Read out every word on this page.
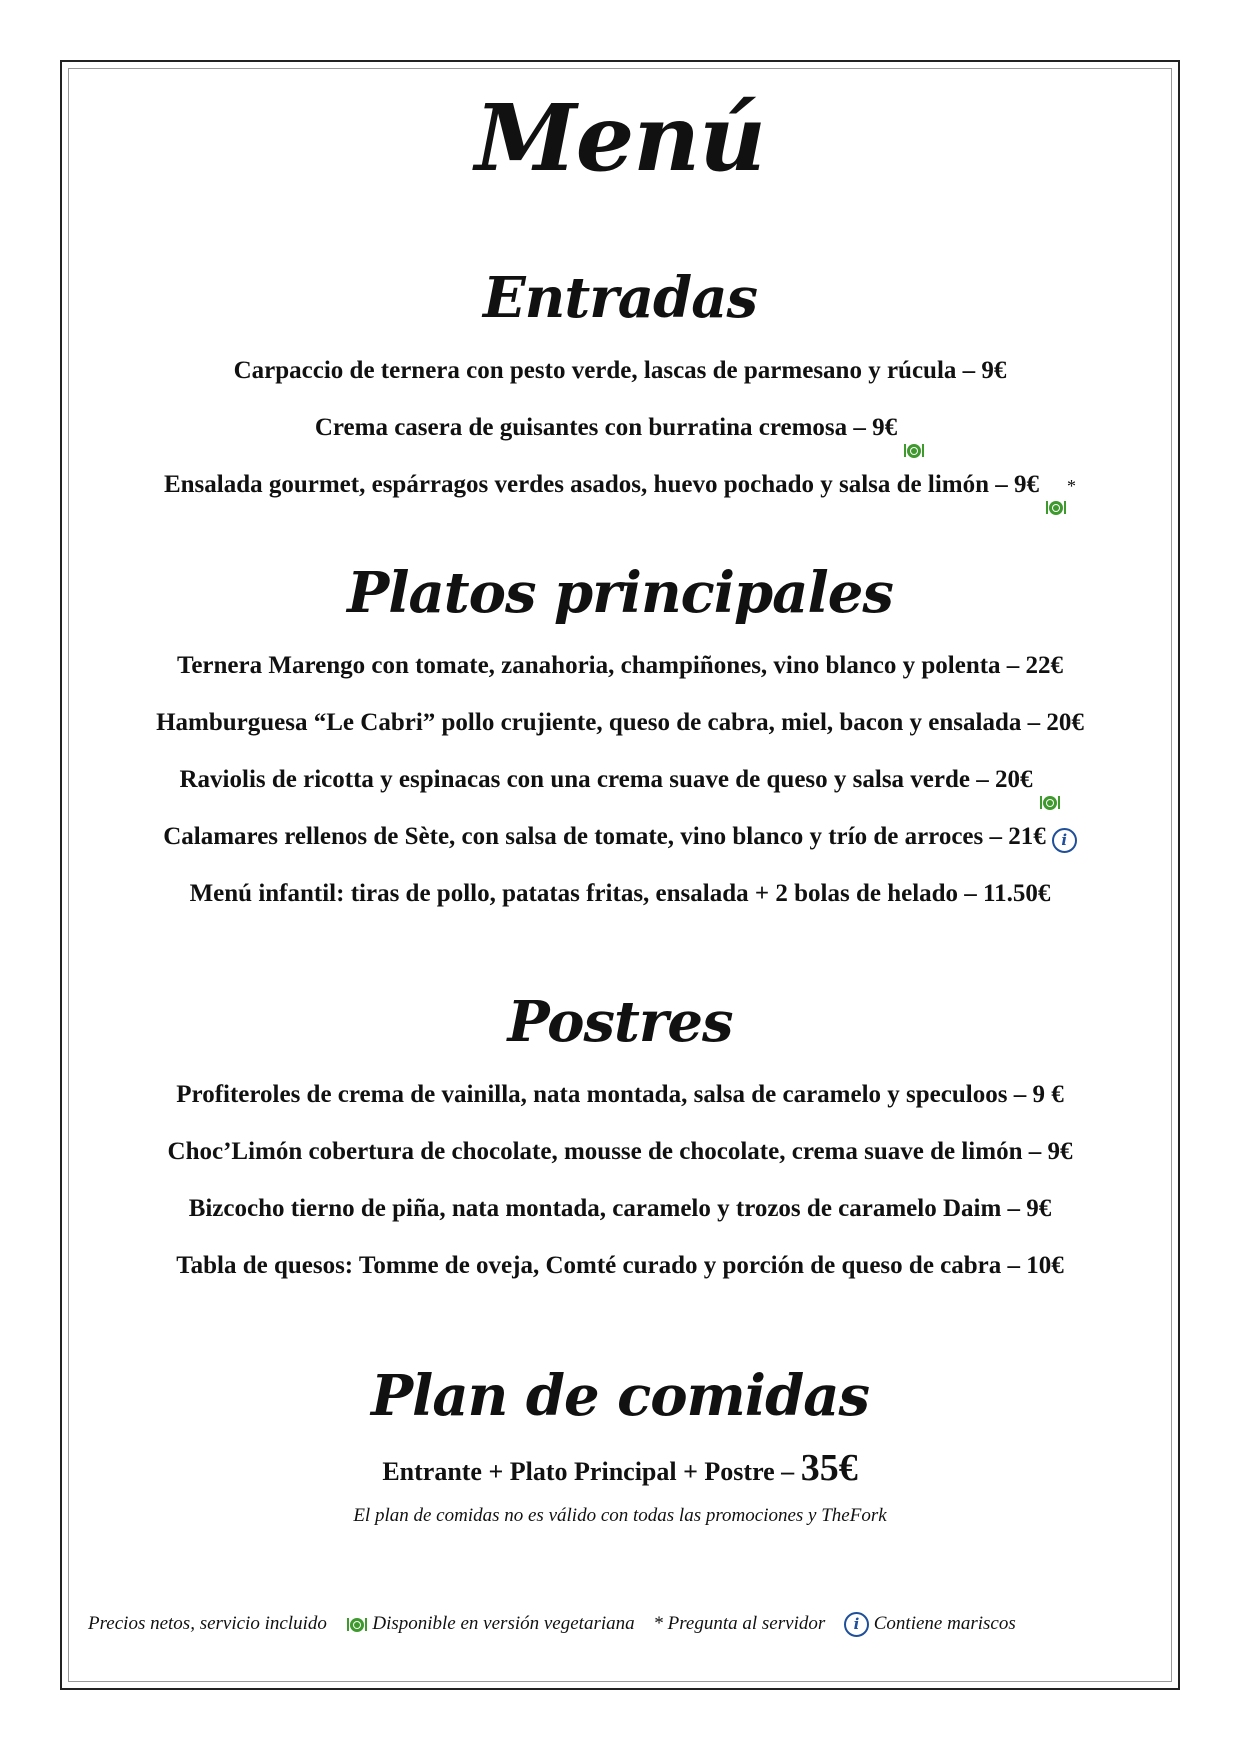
Menú
Entradas
Carpaccio de ternera con pesto verde, lascas de parmesano y rúcula – 9€
Crema casera de guisantes con burratina cremosa – 9€
Ensalada gourmet, espárragos verdes asados, huevo pochado y salsa de limón – 9€ *
Platos principales
Ternera Marengo con tomate, zanahoria, champiñones, vino blanco y polenta – 22€
Hamburguesa “Le Cabri” pollo crujiente, queso de cabra, miel, bacon y ensalada – 20€
Raviolis de ricotta y espinacas con una crema suave de queso y salsa verde – 20€
Calamares rellenos de Sète, con salsa de tomate, vino blanco y trío de arroces – 21€ i
Menú infantil: tiras de pollo, patatas fritas, ensalada + 2 bolas de helado – 11.50€
Postres
Profiteroles de crema de vainilla, nata montada, salsa de caramelo y speculoos – 9 €
Choc’Limón cobertura de chocolate, mousse de chocolate, crema suave de limón – 9€
Bizcocho tierno de piña, nata montada, caramelo y trozos de caramelo Daim – 9€
Tabla de quesos: Tomme de oveja, Comté curado y porción de queso de cabra – 10€
Plan de comidas
Entrante + Plato Principal + Postre – 35€
El plan de comidas no es válido con todas las promociones y TheFork
Precios netos, servicio incluido Disponible en versión vegetariana * Pregunta al servidor i Contiene mariscos
